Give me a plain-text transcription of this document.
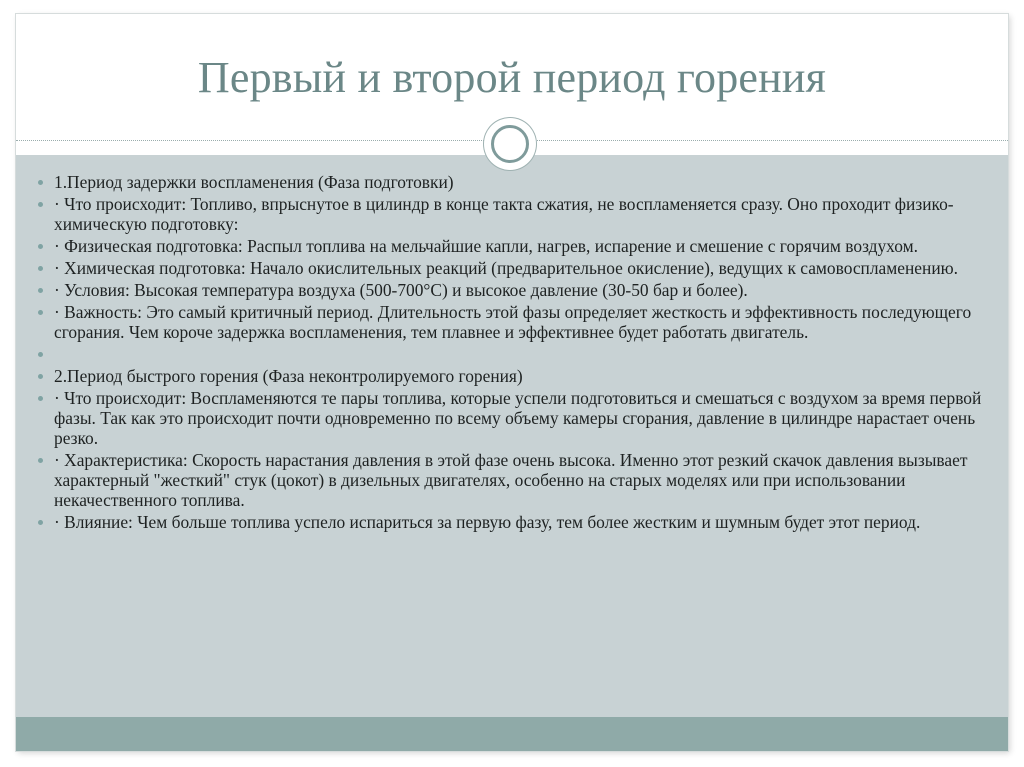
Первый и второй период горения
1.Период задержки воспламенения (Фаза подготовки)
· Что происходит: Топливо, впрыснутое в цилиндр в конце такта сжатия, не воспламеняется сразу. Оно проходит физико-химическую подготовку:
· Физическая подготовка: Распыл топлива на мельчайшие капли, нагрев, испарение и смешение с горячим воздухом.
· Химическая подготовка: Начало окислительных реакций (предварительное окисление), ведущих к самовоспламенению.
· Условия: Высокая температура воздуха (500-700°C) и высокое давление (30-50 бар и более).
· Важность: Это самый критичный период. Длительность этой фазы определяет жесткость и эффективность последующего сгорания. Чем короче задержка воспламенения, тем плавнее и эффективнее будет работать двигатель.
2.Период быстрого горения (Фаза неконтролируемого горения)
· Что происходит: Воспламеняются те пары топлива, которые успели подготовиться и смешаться с воздухом за время первой фазы. Так как это происходит почти одновременно по всему объему камеры сгорания, давление в цилиндре нарастает очень резко.
· Характеристика: Скорость нарастания давления в этой фазе очень высока. Именно этот резкий скачок давления вызывает характерный "жесткий" стук (цокот) в дизельных двигателях, особенно на старых моделях или при использовании некачественного топлива.
· Влияние: Чем больше топлива успело испариться за первую фазу, тем более жестким и шумным будет этот период.
